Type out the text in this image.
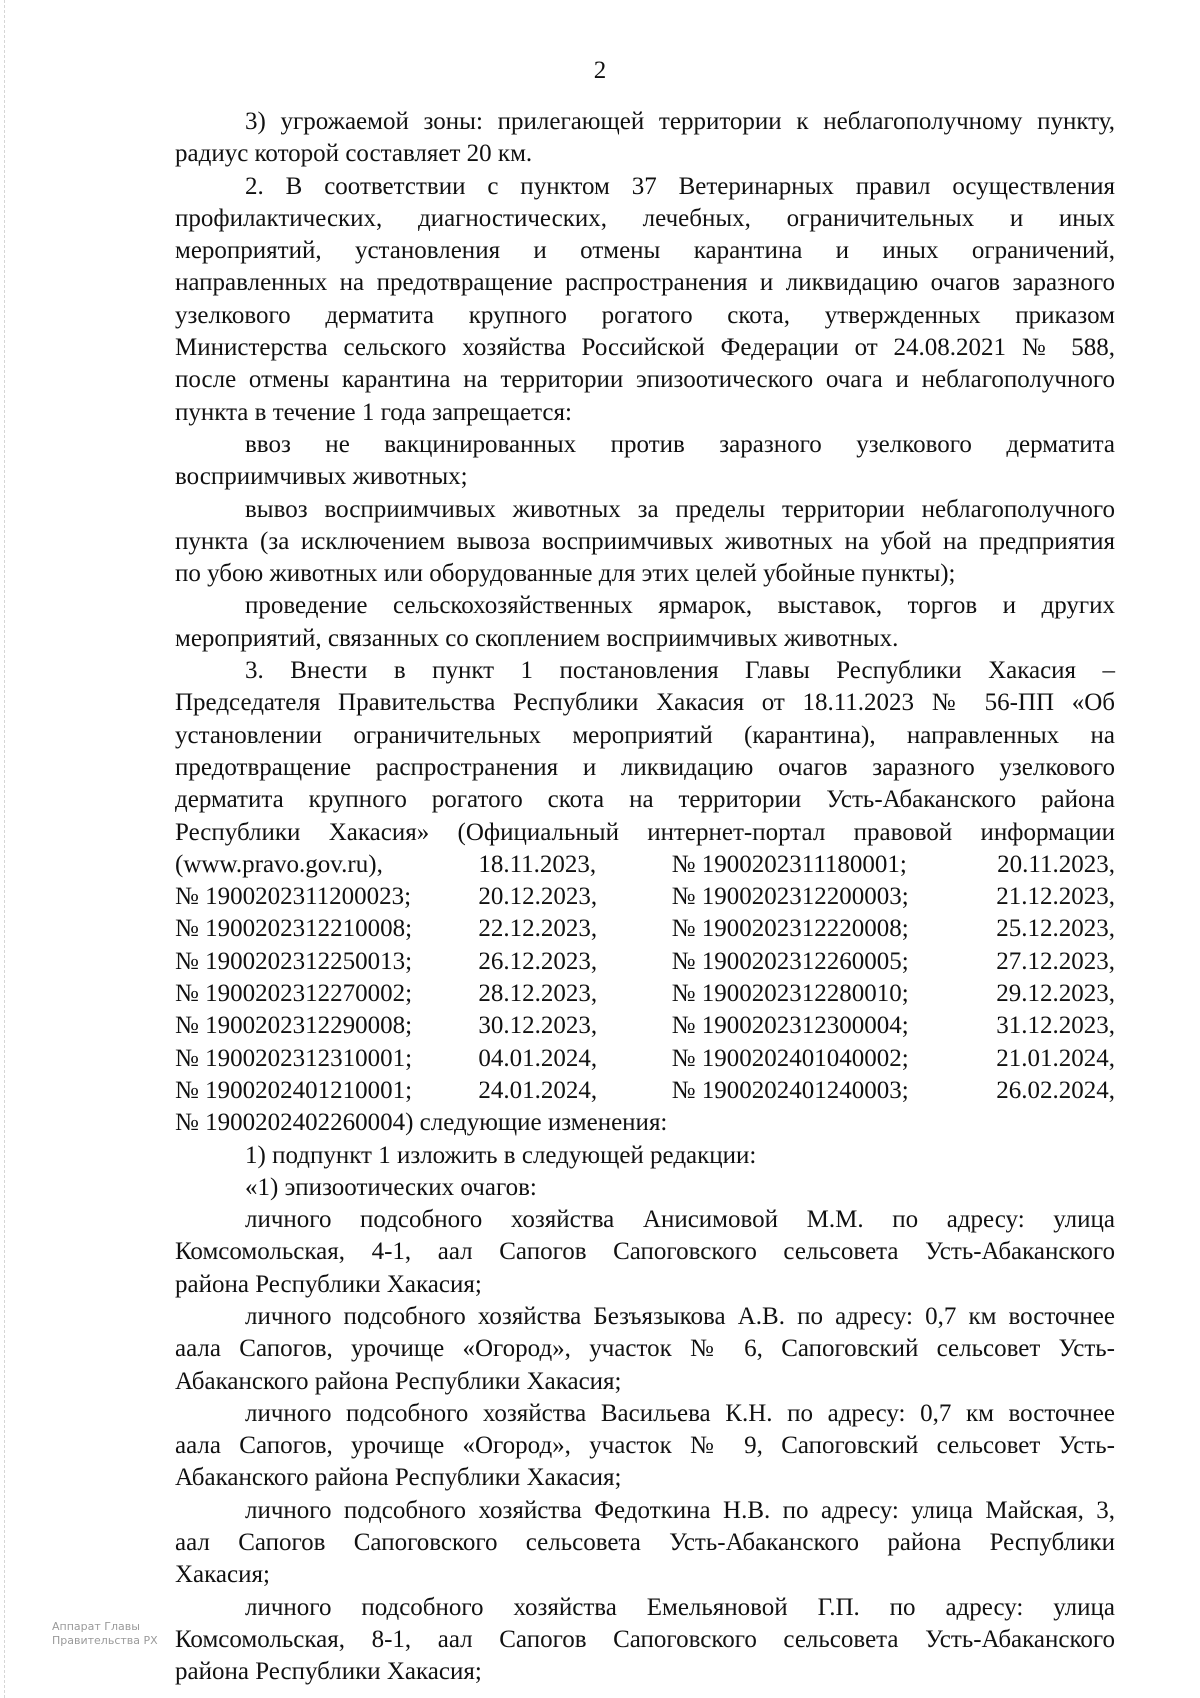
2
3) угрожаемой зоны: прилегающей территории к неблагополучному пункту,
радиус которой составляет 20 км.
2. В соответствии с пунктом 37 Ветеринарных правил осуществления
профилактических, диагностических, лечебных, ограничительных и иных
мероприятий, установления и отмены карантина и иных ограничений,
направленных на предотвращение распространения и ликвидацию очагов заразного
узелкового дерматита крупного рогатого скота, утвержденных приказом
Министерства сельского хозяйства Российской Федерации от 24.08.2021 № 588,
после отмены карантина на территории эпизоотического очага и неблагополучного
пункта в течение 1 года запрещается:
ввоз не вакцинированных против заразного узелкового дерматита
восприимчивых животных;
вывоз восприимчивых животных за пределы территории неблагополучного
пункта (за исключением вывоза восприимчивых животных на убой на предприятия
по убою животных или оборудованные для этих целей убойные пункты);
проведение сельскохозяйственных ярмарок, выставок, торгов и других
мероприятий, связанных со скоплением восприимчивых животных.
3. Внести в пункт 1 постановления Главы Республики Хакасия –
Председателя Правительства Республики Хакасия от 18.11.2023 № 56-ПП «Об
установлении ограничительных мероприятий (карантина), направленных на
предотвращение распространения и ликвидацию очагов заразного узелкового
дерматита крупного рогатого скота на территории Усть-Абаканского района
Республики Хакасия» (Официальный интернет-портал правовой информации
(www.pravo.gov.ru),	18.11.2023,	№ 1900202311180001;	20.11.2023,
№ 1900202311200023;	20.12.2023,	№ 1900202312200003;	21.12.2023,
№ 1900202312210008;	22.12.2023,	№ 1900202312220008;	25.12.2023,
№ 1900202312250013;	26.12.2023,	№ 1900202312260005;	27.12.2023,
№ 1900202312270002;	28.12.2023,	№ 1900202312280010;	29.12.2023,
№ 1900202312290008;	30.12.2023,	№ 1900202312300004;	31.12.2023,
№ 1900202312310001;	04.01.2024,	№ 1900202401040002;	21.01.2024,
№ 1900202401210001;	24.01.2024,	№ 1900202401240003;	26.02.2024,
№ 1900202402260004) следующие изменения:
1) подпункт 1 изложить в следующей редакции:
«1) эпизоотических очагов:
личного подсобного хозяйства Анисимовой М.М. по адресу: улица
Комсомольская, 4-1, аал Сапогов Сапоговского сельсовета Усть-Абаканского
района Республики Хакасия;
личного подсобного хозяйства Безъязыкова А.В. по адресу: 0,7 км восточнее
аала Сапогов, урочище «Огород», участок № 6, Сапоговский сельсовет Усть-
Абаканского района Республики Хакасия;
личного подсобного хозяйства Васильева К.Н. по адресу: 0,7 км восточнее
аала Сапогов, урочище «Огород», участок № 9, Сапоговский сельсовет Усть-
Абаканского района Республики Хакасия;
личного подсобного хозяйства Федоткина Н.В. по адресу: улица Майская, 3,
аал Сапогов Сапоговского сельсовета Усть-Абаканского района Республики
Хакасия;
личного подсобного хозяйства Емельяновой Г.П. по адресу: улица
Комсомольская, 8-1, аал Сапогов Сапоговского сельсовета Усть-Абаканского
района Республики Хакасия;
Аппарат Главы
Правительства РХ
